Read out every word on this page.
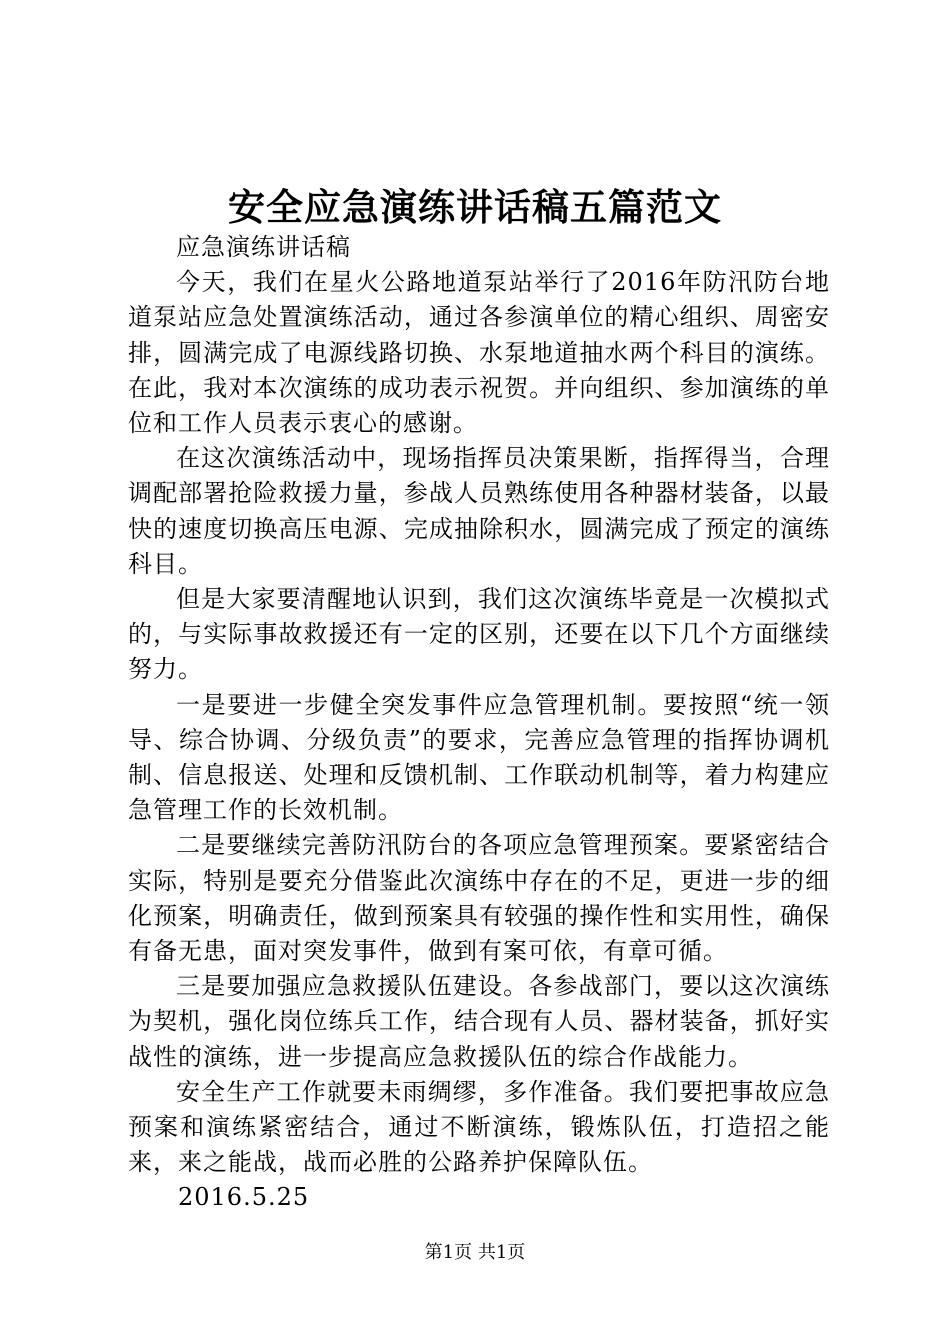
安全应急演练讲话稿五篇范文

应急演练讲话稿

今天，我们在星火公路地道泵站举行了2016年防汛防台地道泵站应急处置演练活动，通过各参演单位的精心组织、周密安排，圆满完成了电源线路切换、水泵地道抽水两个科目的演练。在此，我对本次演练的成功表示祝贺。并向组织、参加演练的单位和工作人员表示衷心的感谢。

在这次演练活动中，现场指挥员决策果断，指挥得当，合理调配部署抢险救援力量，参战人员熟练使用各种器材装备，以最快的速度切换高压电源、完成抽除积水，圆满完成了预定的演练科目。

但是大家要清醒地认识到，我们这次演练毕竟是一次模拟式的，与实际事故救援还有一定的区别，还要在以下几个方面继续努力。

一是要进一步健全突发事件应急管理机制。要按照“统一领导、综合协调、分级负责”的要求，完善应急管理的指挥协调机制、信息报送、处理和反馈机制、工作联动机制等，着力构建应急管理工作的长效机制。

二是要继续完善防汛防台的各项应急管理预案。要紧密结合实际，特别是要充分借鉴此次演练中存在的不足，更进一步的细化预案，明确责任，做到预案具有较强的操作性和实用性，确保有备无患，面对突发事件，做到有案可依，有章可循。

三是要加强应急救援队伍建设。各参战部门，要以这次演练为契机，强化岗位练兵工作，结合现有人员、器材装备，抓好实战性的演练，进一步提高应急救援队伍的综合作战能力。

安全生产工作就要未雨绸缪，多作准备。我们要把事故应急预案和演练紧密结合，通过不断演练，锻炼队伍，打造招之能来，来之能战，战而必胜的公路养护保障队伍。

2016.5.25

第1页 共1页
